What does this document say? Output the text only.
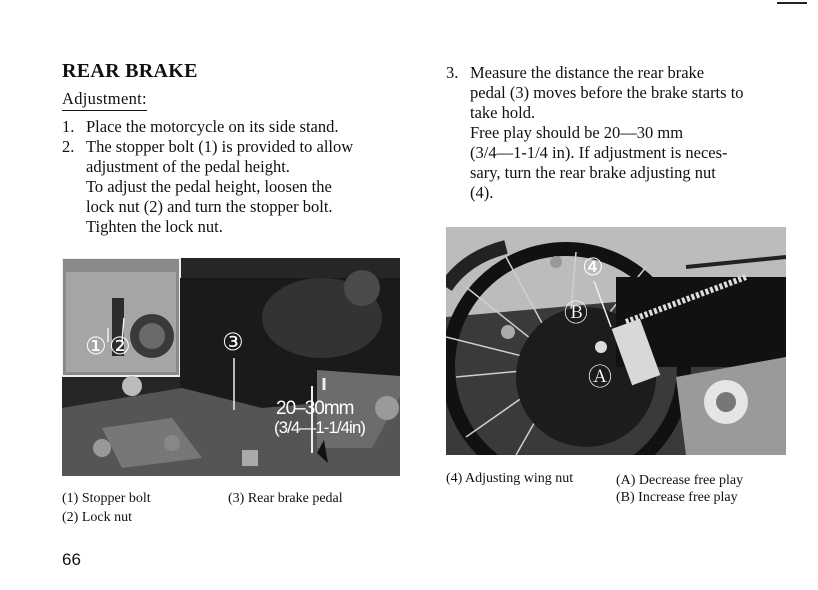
REAR BRAKE
Adjustment:
1. Place the motorcycle on its side stand.
2. The stopper bolt (1) is provided to allow
adjustment of the pedal height.
To adjust the pedal height, loosen the
lock nut (2) and turn the stopper bolt.
Tighten the lock nut.
3. Measure the distance the rear brake
pedal (3) moves before the brake starts to
take hold.
Free play should be 20—30 mm
(3/4—1-1/4 in). If adjustment is neces-
sary, turn the rear brake adjusting nut
(4).
① ②	③
20–30mm
(3/4—1-1/4in)
④
Ⓑ
Ⓐ
(1) Stopper bolt
(2) Lock nut
(3) Rear brake pedal
(4) Adjusting wing nut	(A) Decrease free play
(B) Increase free play
66
